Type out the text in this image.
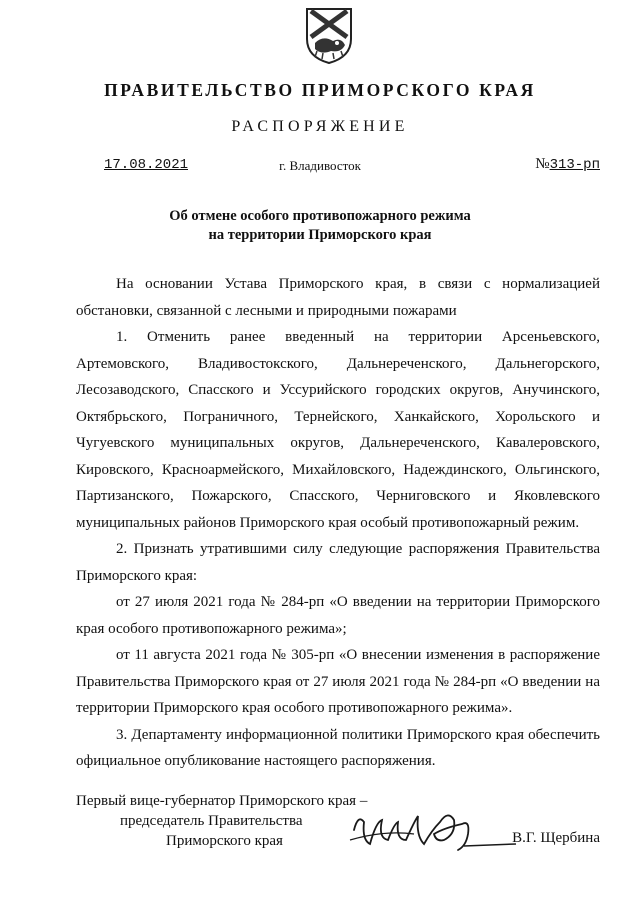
ПРАВИТЕЛЬСТВО ПРИМОРСКОГО КРАЯ
РАСПОРЯЖЕНИЕ
17.08.2021	г. Владивосток	№313-рп
Об отмене особого противопожарного режима
на территории Приморского края

На основании Устава Приморского края, в связи с нормализацией обстановки, связанной с лесными и природными пожарами

1. Отменить ранее введенный на территории Арсеньевского, Артемовского, Владивостокского, Дальнереченского, Дальнегорского, Лесозаводского, Спасского и Уссурийского городских округов, Анучинского, Октябрьского, Пограничного, Тернейского, Ханкайского, Хорольского и Чугуевского муниципальных округов, Дальнереченского, Кавалеровского, Кировского, Красноармейского, Михайловского, Надеждинского, Ольгинского, Партизанского, Пожарского, Спасского, Черниговского и Яковлевского муниципальных районов Приморского края особый противопожарный режим.

2. Признать утратившими силу следующие распоряжения Правительства Приморского края:

от 27 июля 2021 года № 284-рп «О введении на территории Приморского края особого противопожарного режима»;

от 11 августа 2021 года № 305-рп «О внесении изменения в распоряжение Правительства Приморского края от 27 июля 2021 года № 284-рп «О введении на территории Приморского края особого противопожарного режима».

3. Департаменту информационной политики Приморского края обеспечить официальное опубликование настоящего распоряжения.

Первый вице-губернатор Приморского края –
председатель Правительства
Приморского края	В.Г. Щербина
